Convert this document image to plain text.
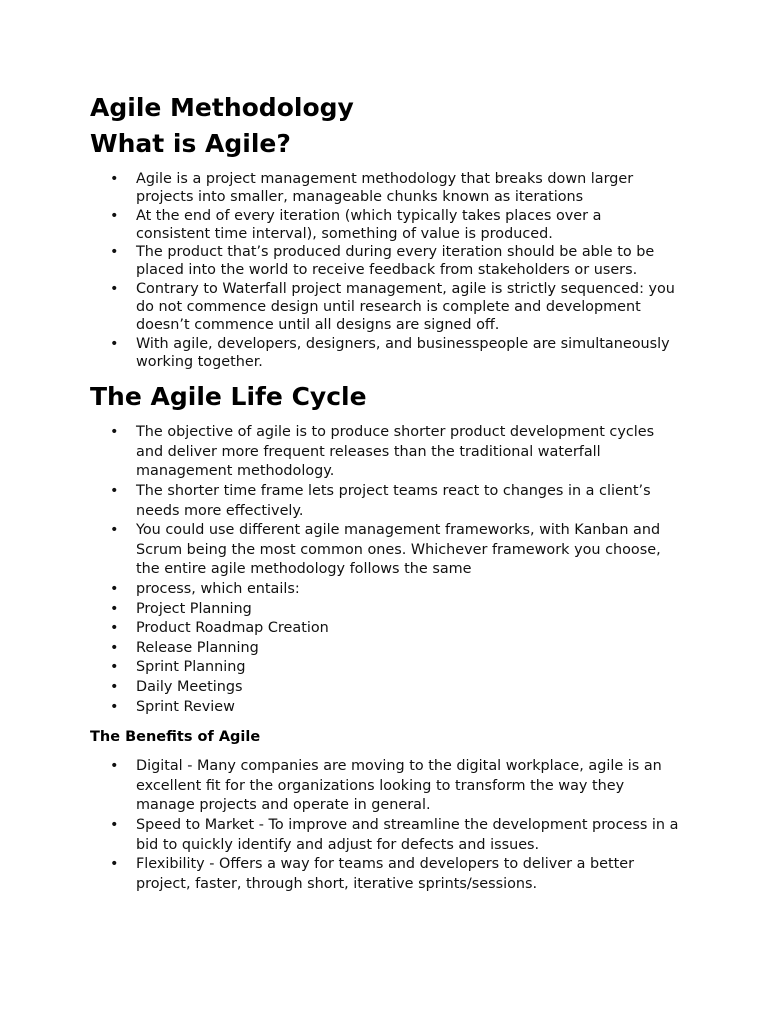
Agile Methodology
What is Agile?
• Agile is a project management methodology that breaks down larger projects into smaller, manageable chunks known as iterations
• At the end of every iteration (which typically takes places over a consistent time interval), something of value is produced.
• The product that’s produced during every iteration should be able to be placed into the world to receive feedback from stakeholders or users.
• Contrary to Waterfall project management, agile is strictly sequenced: you do not commence design until research is complete and development doesn’t commence until all designs are signed off.
• With agile, developers, designers, and businesspeople are simultaneously working together.
The Agile Life Cycle
• The objective of agile is to produce shorter product development cycles and deliver more frequent releases than the traditional waterfall management methodology.
• The shorter time frame lets project teams react to changes in a client’s needs more effectively.
• You could use different agile management frameworks, with Kanban and Scrum being the most common ones. Whichever framework you choose, the entire agile methodology follows the same
• process, which entails:
• Project Planning
• Product Roadmap Creation
• Release Planning
• Sprint Planning
• Daily Meetings
• Sprint Review
The Benefits of Agile
• Digital - Many companies are moving to the digital workplace, agile is an excellent fit for the organizations looking to transform the way they manage projects and operate in general.
• Speed to Market - To improve and streamline the development process in a bid to quickly identify and adjust for defects and issues.
• Flexibility - Offers a way for teams and developers to deliver a better project, faster, through short, iterative sprints/sessions.
